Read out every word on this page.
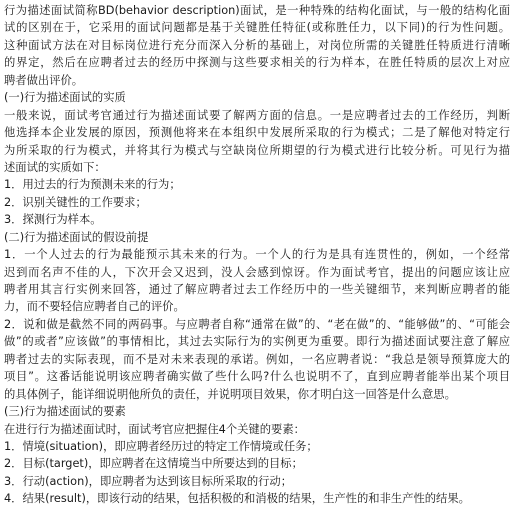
行为描述面试简称BD(behavior description)面试，是一种特殊的结构化面试，与一般的结构化面
试的区别在于，它采用的面试问题都是基于关键胜任特征(或称胜任力，以下同)的行为性问题。
这种面试方法在对目标岗位进行充分而深入分析的基础上，对岗位所需的关键胜任特质进行清晰
的界定，然后在应聘者过去的经历中探测与这些要求相关的行为样本，在胜任特质的层次上对应
聘者做出评价。
(一)行为描述面试的实质
一般来说，面试考官通过行为描述面试要了解两方面的信息。一是应聘者过去的工作经历，判断
他选择本企业发展的原因，预测他将来在本组织中发展所采取的行为模式；二是了解他对特定行
为所采取的行为模式，并将其行为模式与空缺岗位所期望的行为模式进行比较分析。可见行为描
述面试的实质如下：
1．用过去的行为预测未来的行为；
2．识别关键性的工作要求；
3．探测行为样本。
(二)行为描述面试的假设前提
1．一个人过去的行为最能预示其未来的行为。一个人的行为是具有连贯性的，例如，一个经常
迟到而名声不佳的人，下次开会又迟到，没人会感到惊讶。作为面试考官，提出的问题应该让应
聘者用其言行实例来回答，通过了解应聘者过去工作经历中的一些关键细节，来判断应聘者的能
力，而不要轻信应聘者自己的评价。
2．说和做是截然不同的两码事。与应聘者自称“通常在做”的、“老在做”的、“能够做”的、“可能会
做”的或者”应该做”的事情相比，其过去实际行为的实例更为重要。即行为描述面试要注意了解应
聘者过去的实际表现，而不是对未来表现的承诺。例如，一名应聘者说：“我总是领导预算庞大的
项目”。这番话能说明该应聘者确实做了些什么吗?什么也说明不了，直到应聘者能举出某个项目
的具体例子，能详细说明他所负的责任，并说明项目效果，你才明白这一回答是什么意思。
(三)行为描述面试的要素
在进行行为描述面试时，面试考官应把握住4个关键的要素：
1．情境(situation)，即应聘者经历过的特定工作情境或任务；
2．目标(target)，即应聘者在这情境当中所要达到的目标；
3．行动(action)，即应聘者为达到该目标所采取的行动；
4．结果(result)，即该行动的结果，包括积极的和消极的结果，生产性的和非生产性的结果。
